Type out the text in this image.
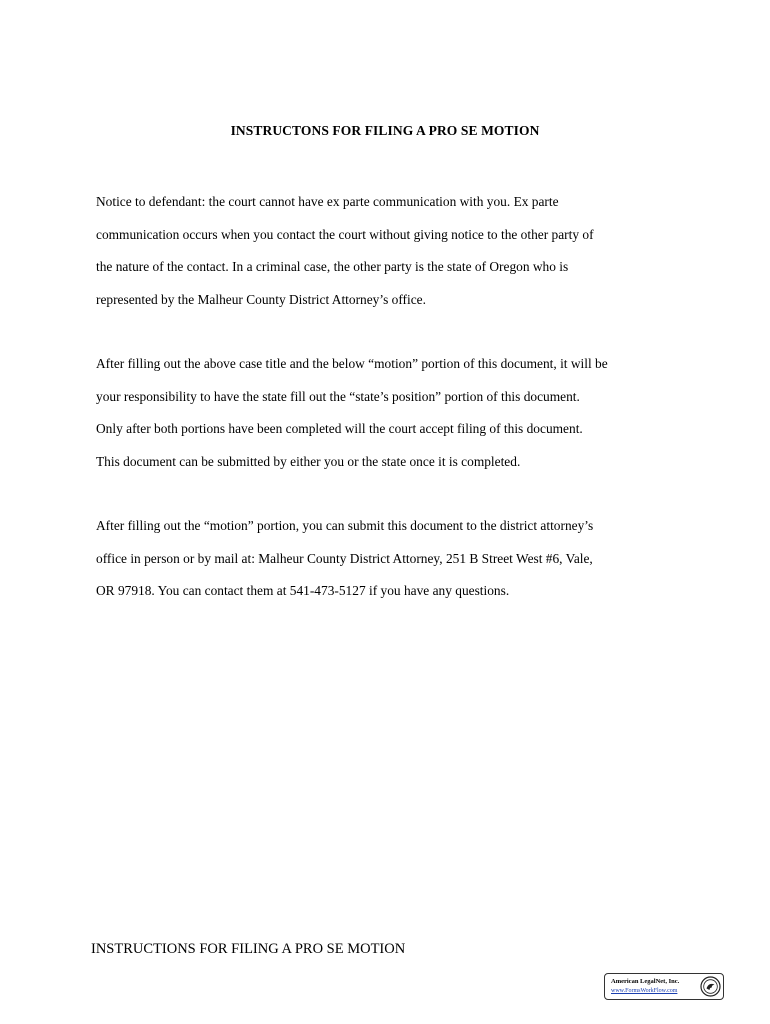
INSTRUCTONS FOR FILING A PRO SE MOTION

Notice to defendant: the court cannot have ex parte communication with you. Ex parte
communication occurs when you contact the court without giving notice to the other party of
the nature of the contact. In a criminal case, the other party is the state of Oregon who is
represented by the Malheur County District Attorney’s office.

After filling out the above case title and the below “motion” portion of this document, it will be
your responsibility to have the state fill out the “state’s position” portion of this document.
Only after both portions have been completed will the court accept filing of this document.
This document can be submitted by either you or the state once it is completed.

After filling out the “motion” portion, you can submit this document to the district attorney’s
office in person or by mail at: Malheur County District Attorney, 251 B Street West #6, Vale,
OR 97918. You can contact them at 541-473-5127 if you have any questions.

INSTRUCTIONS FOR FILING A PRO SE MOTION
American LegalNet, Inc.
www.FormsWorkFlow.com
